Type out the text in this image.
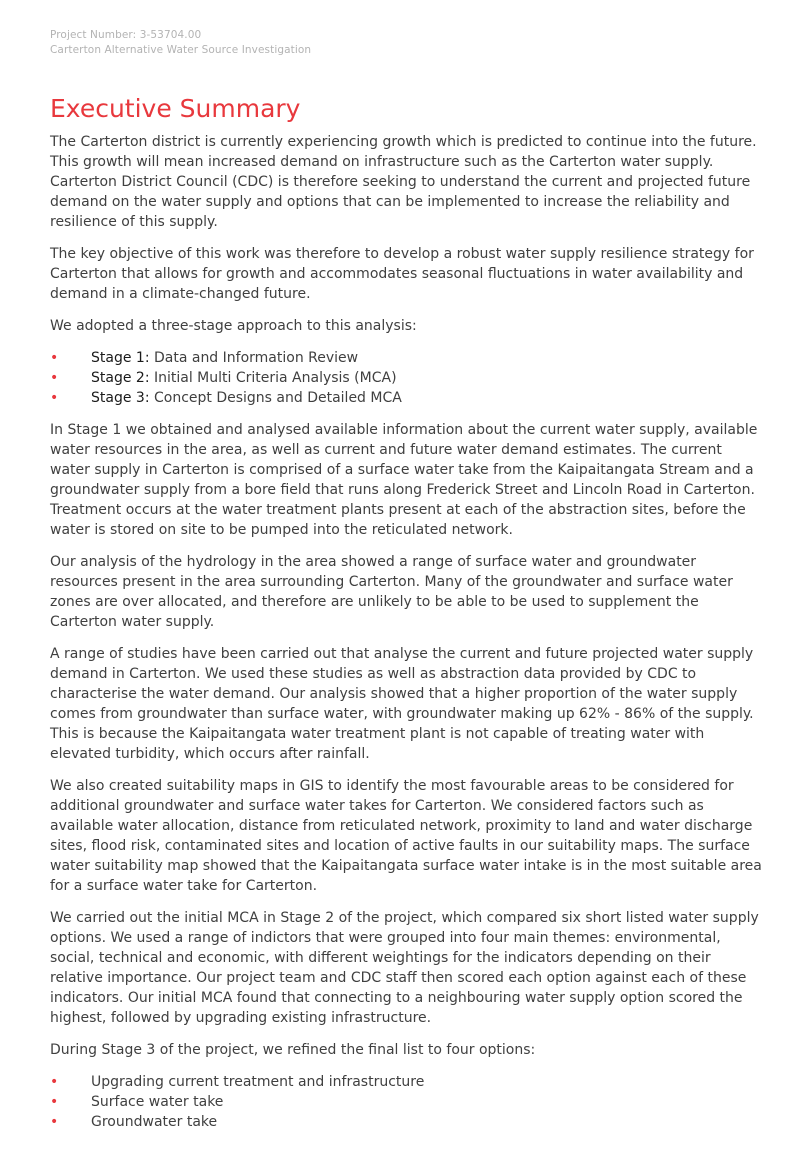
Project Number: 3-53704.00
Carterton Alternative Water Source Investigation
Executive Summary

The Carterton district is currently experiencing growth which is predicted to continue into the future. This growth will mean increased demand on infrastructure such as the Carterton water supply. Carterton District Council (CDC) is therefore seeking to understand the current and projected future demand on the water supply and options that can be implemented to increase the reliability and resilience of this supply.

The key objective of this work was therefore to develop a robust water supply resilience strategy for Carterton that allows for growth and accommodates seasonal fluctuations in water availability and demand in a climate-changed future.

We adopted a three-stage approach to this analysis:

• Stage 1: Data and Information Review
• Stage 2: Initial Multi Criteria Analysis (MCA)
• Stage 3: Concept Designs and Detailed MCA

In Stage 1 we obtained and analysed available information about the current water supply, available water resources in the area, as well as current and future water demand estimates. The current water supply in Carterton is comprised of a surface water take from the Kaipaitangata Stream and a groundwater supply from a bore field that runs along Frederick Street and Lincoln Road in Carterton. Treatment occurs at the water treatment plants present at each of the abstraction sites, before the water is stored on site to be pumped into the reticulated network.

Our analysis of the hydrology in the area showed a range of surface water and groundwater resources present in the area surrounding Carterton. Many of the groundwater and surface water zones are over allocated, and therefore are unlikely to be able to be used to supplement the Carterton water supply.

A range of studies have been carried out that analyse the current and future projected water supply demand in Carterton. We used these studies as well as abstraction data provided by CDC to characterise the water demand. Our analysis showed that a higher proportion of the water supply comes from groundwater than surface water, with groundwater making up 62% - 86% of the supply. This is because the Kaipaitangata water treatment plant is not capable of treating water with elevated turbidity, which occurs after rainfall.

We also created suitability maps in GIS to identify the most favourable areas to be considered for additional groundwater and surface water takes for Carterton. We considered factors such as available water allocation, distance from reticulated network, proximity to land and water discharge sites, flood risk, contaminated sites and location of active faults in our suitability maps. The surface water suitability map showed that the Kaipaitangata surface water intake is in the most suitable area for a surface water take for Carterton.

We carried out the initial MCA in Stage 2 of the project, which compared six short listed water supply options. We used a range of indictors that were grouped into four main themes: environmental, social, technical and economic, with different weightings for the indicators depending on their relative importance. Our project team and CDC staff then scored each option against each of these indicators. Our initial MCA found that connecting to a neighbouring water supply option scored the highest, followed by upgrading existing infrastructure.

During Stage 3 of the project, we refined the final list to four options:

• Upgrading current treatment and infrastructure
• Surface water take
• Groundwater take
